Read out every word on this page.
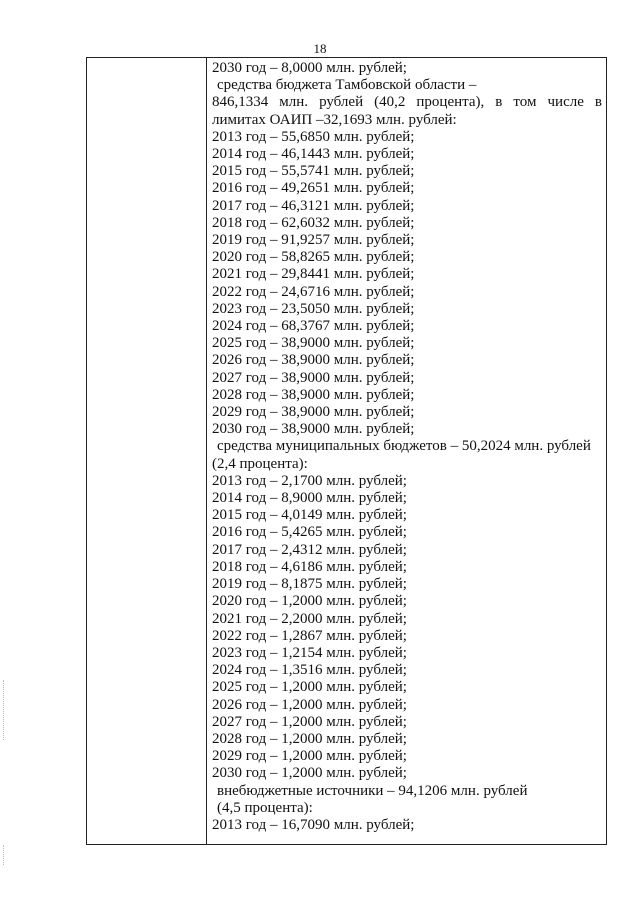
18
2030 год – 8,0000 млн. рублей;
средства бюджета Тамбовской области –
846,1334 млн. рублей (40,2 процента), в том числе в
лимитах ОАИП –32,1693 млн. рублей:
2013 год – 55,6850 млн. рублей;
2014 год – 46,1443 млн. рублей;
2015 год – 55,5741 млн. рублей;
2016 год – 49,2651 млн. рублей;
2017 год – 46,3121 млн. рублей;
2018 год – 62,6032 млн. рублей;
2019 год – 91,9257 млн. рублей;
2020 год – 58,8265 млн. рублей;
2021 год – 29,8441 млн. рублей;
2022 год – 24,6716 млн. рублей;
2023 год – 23,5050 млн. рублей;
2024 год – 68,3767 млн. рублей;
2025 год – 38,9000 млн. рублей;
2026 год – 38,9000 млн. рублей;
2027 год – 38,9000 млн. рублей;
2028 год – 38,9000 млн. рублей;
2029 год – 38,9000 млн. рублей;
2030 год – 38,9000 млн. рублей;
средства муниципальных бюджетов – 50,2024 млн. рублей
(2,4 процента):
2013 год – 2,1700 млн. рублей;
2014 год – 8,9000 млн. рублей;
2015 год – 4,0149 млн. рублей;
2016 год – 5,4265 млн. рублей;
2017 год – 2,4312 млн. рублей;
2018 год – 4,6186 млн. рублей;
2019 год – 8,1875 млн. рублей;
2020 год – 1,2000 млн. рублей;
2021 год – 2,2000 млн. рублей;
2022 год – 1,2867 млн. рублей;
2023 год – 1,2154 млн. рублей;
2024 год – 1,3516 млн. рублей;
2025 год – 1,2000 млн. рублей;
2026 год – 1,2000 млн. рублей;
2027 год – 1,2000 млн. рублей;
2028 год – 1,2000 млн. рублей;
2029 год – 1,2000 млн. рублей;
2030 год – 1,2000 млн. рублей;
внебюджетные источники – 94,1206 млн. рублей
(4,5 процента):
2013 год – 16,7090 млн. рублей;
